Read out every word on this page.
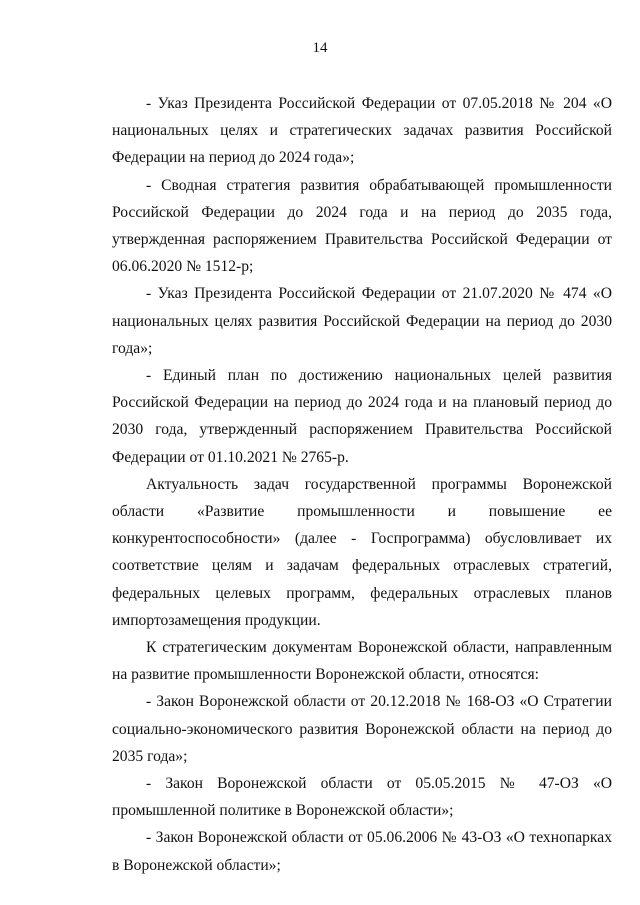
14

- Указ Президента Российской Федерации от 07.05.2018 № 204 «О национальных целях и стратегических задачах развития Российской Федерации на период до 2024 года»;

- Сводная стратегия развития обрабатывающей промышленности Российской Федерации до 2024 года и на период до 2035 года, утвержденная распоряжением Правительства Российской Федерации от 06.06.2020 № 1512-р;

- Указ Президента Российской Федерации от 21.07.2020 № 474 «О национальных целях развития Российской Федерации на период до 2030 года»;

- Единый план по достижению национальных целей развития Российской Федерации на период до 2024 года и на плановый период до 2030 года, утвержденный распоряжением Правительства Российской Федерации от 01.10.2021 № 2765-р.

Актуальность задач государственной программы Воронежской области «Развитие промышленности и повышение ее конкурентоспособности» (далее - Госпрограмма) обусловливает их соответствие целям и задачам федеральных отраслевых стратегий, федеральных целевых программ, федеральных отраслевых планов импортозамещения продукции.

К стратегическим документам Воронежской области, направленным на развитие промышленности Воронежской области, относятся:

- Закон Воронежской области от 20.12.2018 № 168-ОЗ «О Стратегии социально-экономического развития Воронежской области на период до 2035 года»;

- Закон Воронежской области от 05.05.2015 № 47-ОЗ «О промышленной политике в Воронежской области»;

- Закон Воронежской области от 05.06.2006 № 43-ОЗ «О технопарках в Воронежской области»;
